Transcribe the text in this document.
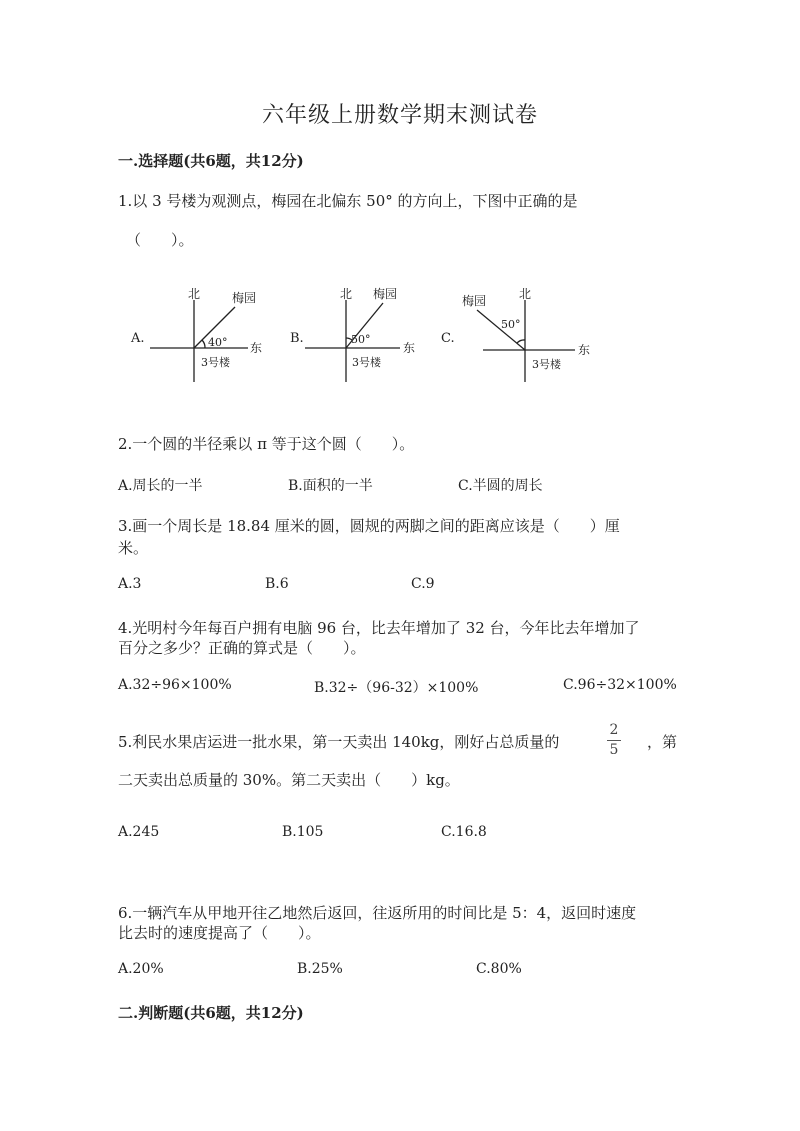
六年级上册数学期末测试卷
一.选择题(共6题，共12分)
1.以 3 号楼为观测点，梅园在北偏东 50° 的方向上，下图中正确的是
（　　）。
A.
北
东
梅园
40°
3号楼
B.
北
东
梅园
50°
3号楼
C.
北
东
梅园
50°
3号楼
2.一个圆的半径乘以 π 等于这个圆（　　）。
A.周长的一半	B.面积的一半	C.半圆的周长
3.画一个周长是 18.84 厘米的圆，圆规的两脚之间的距离应该是（　　）厘
米。
A.3	B.6	C.9
4.光明村今年每百户拥有电脑 96 台，比去年增加了 32 台，今年比去年增加了
百分之多少？正确的算式是（　　）。
A.32÷96×100%	B.32÷（96-32）×100%	C.96÷32×100%
5.利民水果店运进一批水果，第一天卖出 140kg，刚好占总质量的
2
5	，第
二天卖出总质量的 30%。第二天卖出（　　）kg。
A.245	B.105	C.16.8
6.一辆汽车从甲地开往乙地然后返回，往返所用的时间比是 5：4，返回时速度
比去时的速度提高了（　　）。
A.20%	B.25%	C.80%
二.判断题(共6题，共12分)
